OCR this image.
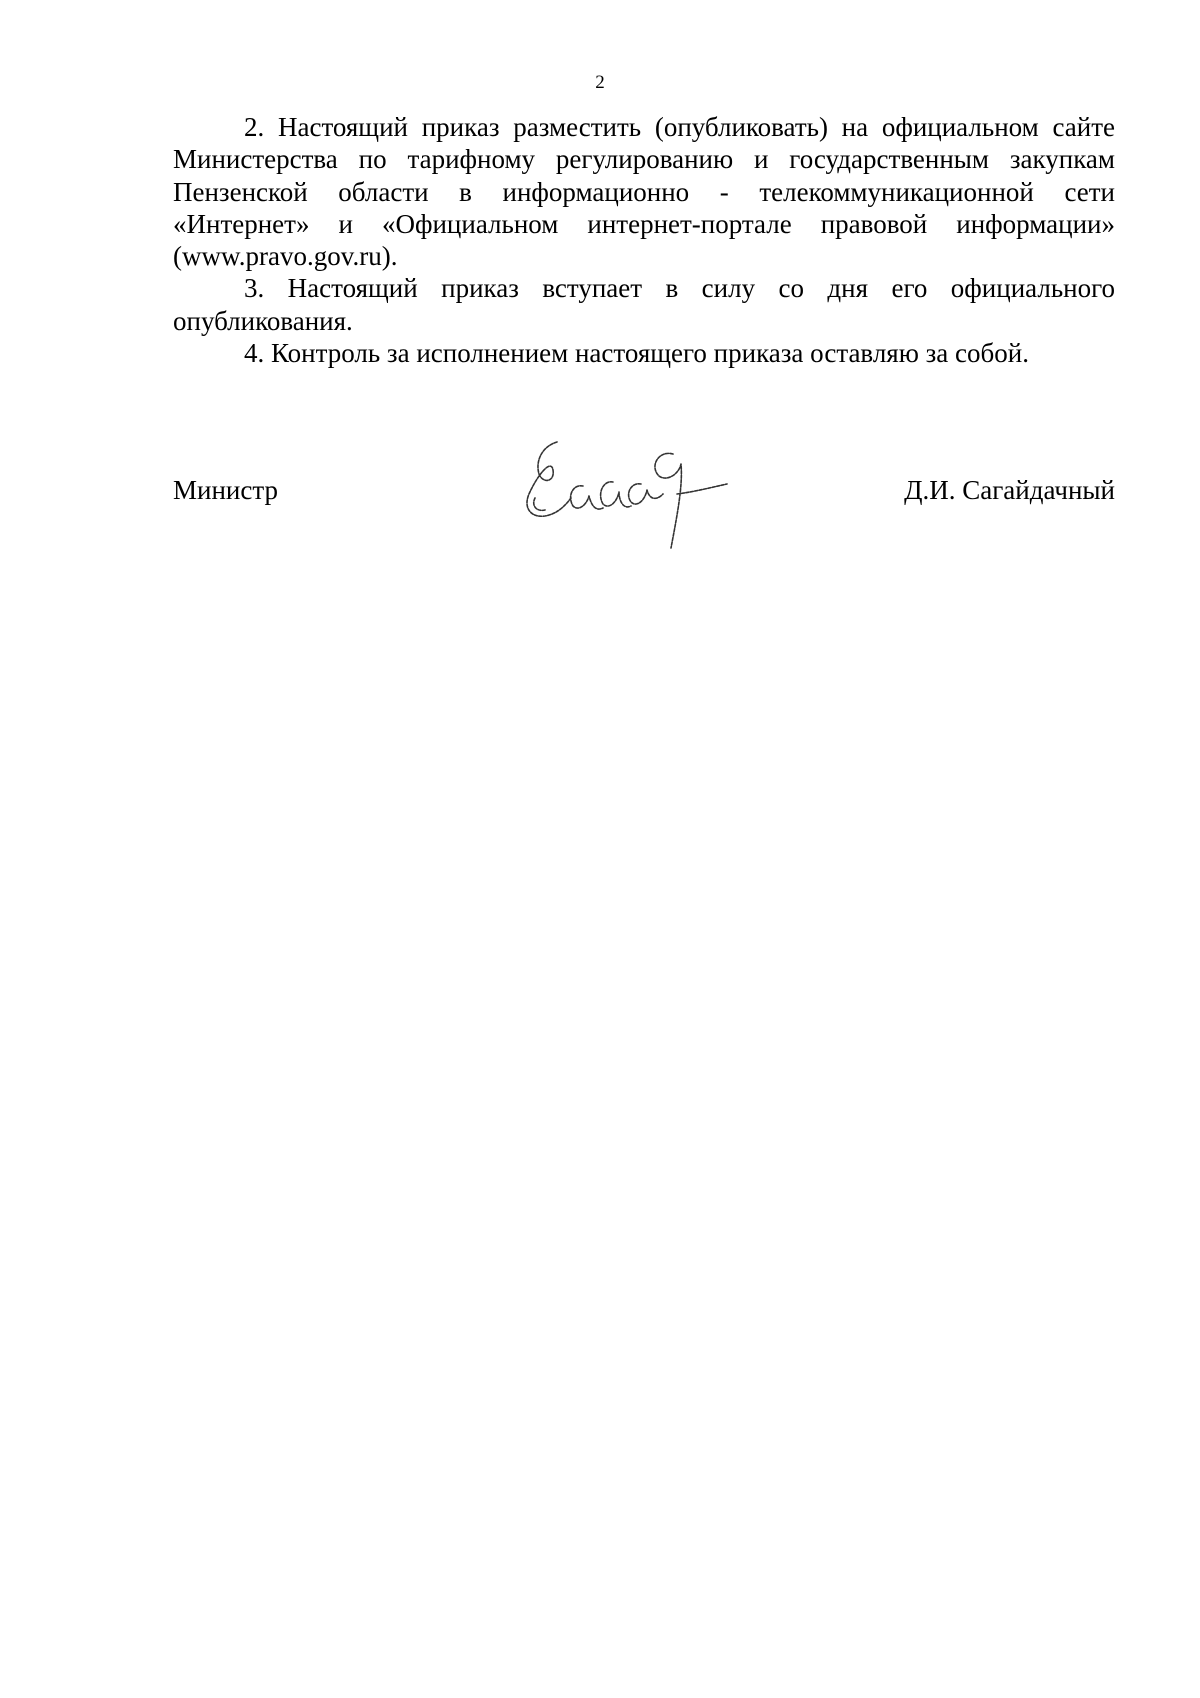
2

2. Настоящий приказ разместить (опубликовать) на официальном сайте Министерства по тарифному регулированию и государственным закупкам Пензенской области в информационно - телекоммуникационной сети «Интернет» и «Официальном интернет-портале правовой информации» (www.pravo.gov.ru).

3. Настоящий приказ вступает в силу со дня его официального опубликования.

4. Контроль за исполнением настоящего приказа оставляю за собой.

Министр	Д.И. Сагайдачный
